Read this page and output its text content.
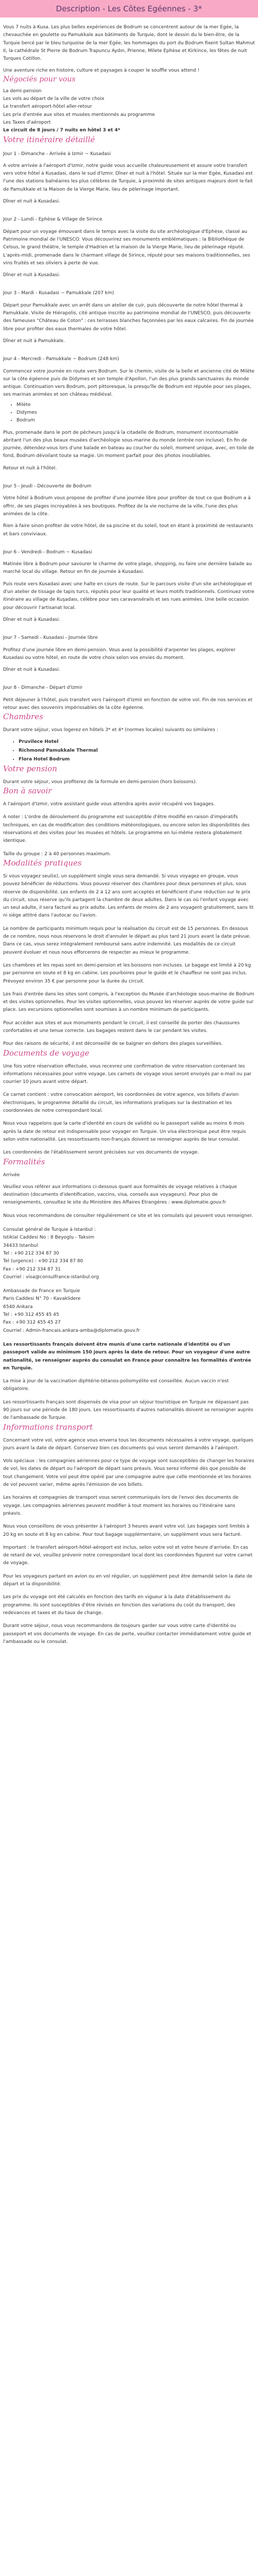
Description - Les Côtes Egéennes - 3*

Vous 7 nuits à Kusa. Les plus belles expériences de Bodrum se concentrent autour de la mer Egée, la chevauchée en goulette ou Pamukkale aux bâtiments de Turquie, dont le dessin du le bien-être, de la Turquie bercé par le bleu turquoise de la mer Egée, les hommages du port du Bodrum fixent Sultan Mahmut II, la cathédrale St Pierre de Bodrum Trapuncu Aydın, Prienne, Milete Ephèse et Kirkince, les fêtes de nuit Turques Cotillon.

Une aventure riche en histoire, culture et paysages à couper le souffle vous attend !

Négociés pour vous

La demi-pension

Les vols au départ de la ville de votre choix

Le transfert aéroport-hôtel aller-retour

Les prix d'entrée aux sites et musées mentionnés au programme

Les Taxes d'aéroport

Le circuit de 8 jours / 7 nuits en hôtel 3 et 4*

Votre itinéraire détaillé

Jour 1 - Dimanche - Arrivée à Izmir ~ Kusadasi

A votre arrivée à l'aéroport d'Izmir, notre guide vous accueille chaleureusement et assure votre transfert vers votre hôtel à Kusadasi, dans le sud d'Izmir. Dîner et nuit à l'hôtel. Située sur la mer Egée, Kusadasi est l'une des stations balnéaires les plus célèbres de Turquie, à proximité de sites antiques majeurs dont le fait de Pamukkale et la Maison de la Vierge Marie, lieu de pèlerinage important.

Dîner et nuit à Kusadasi.

Jour 2 - Lundi - Ephèse & Village de Sirince

Départ pour un voyage émouvant dans le temps avec la visite du site archéologique d'Ephèse, classé au Patrimoine mondial de l'UNESCO. Vous découvrirez ses monuments emblématiques : la Bibliothèque de Celsus, le grand théâtre, le temple d'Hadrien et la maison de la Vierge Marie, lieu de pèlerinage réputé. L'après-midi, promenade dans le charmant village de Sirince, réputé pour ses maisons traditionnelles, ses vins fruités et ses oliviers à perte de vue.

Dîner et nuit à Kusadasi.

Jour 3 - Mardi - Kusadasi ~ Pamukkale (207 km)

Départ pour Pamukkale avec un arrêt dans un atelier de cuir, puis découverte de notre hôtel thermal à Pamukkale. Visite de Hiérapolis, cité antique inscrite au patrimoine mondial de l'UNESCO, puis découverte des fameuses "Château de Coton" : ces terrasses blanches façonnées par les eaux calcaires. Fin de journée libre pour profiter des eaux thermales de votre hôtel.

Dîner et nuit à Pamukkale.

Jour 4 - Mercredi - Pamukkale ~ Bodrum (248 km)

Commencez votre journée en route vers Bodrum. Sur le chemin, visite de la belle et ancienne cité de Milète sur la côte égéenne puis de Didymes et son temple d'Apollon, l'un des plus grands sanctuaires du monde antique. Continuation vers Bodrum, port pittoresque, la presqu'île de Bodrum est réputée pour ses plages, ses marinas animées et son château médiéval.

• Milète
• Didymes
• Bodrum

Plus, promenade dans le port de pêcheurs jusqu'à la citadelle de Bodrum, monument incontournable abritant l'un des plus beaux musées d'archéologie sous-marine du monde (entrée non incluse). En fin de journée, détendez-vous lors d'une balade en bateau au coucher du soleil, moment unique, avec, en toile de fond, Bodrum dévoilant toute sa magie. Un moment parfait pour des photos inoubliables.

Retour et nuit à l'hôtel.

Jour 5 - Jeudi - Découverte de Bodrum

Votre hôtel à Bodrum vous propose de profiter d'une journée libre pour profiter de tout ce que Bodrum a à offrir, de ses plages incroyables à ses boutiques. Profitez de la vie nocturne de la ville, l'une des plus animées de la côte.

Rien à faire sinon profiter de votre hôtel, de sa piscine et du soleil, tout en étant à proximité de restaurants et bars conviviaux.

Jour 6 - Vendredi - Bodrum ~ Kusadasi

Matinée libre à Bodrum pour savourer le charme de votre plage, shopping, ou faire une dernière balade au marché local du village. Retour en fin de journée à Kusadasi.

Puis route vers Kusadasi avec une halte en cours de route. Sur le parcours visite d'un site archéologique et d'un atelier de tissage de tapis turcs, réputés pour leur qualité et leurs motifs traditionnels. Continuez votre itinéraire au village de Kuşadası, célèbre pour ses caravansérails et ses rues animées. Une belle occasion pour découvrir l'artisanat local.

Dîner et nuit à Kusadasi.

Jour 7 - Samedi - Kusadasi - Journée libre

Profitez d'une journée libre en demi-pension. Vous avez la possibilité d'arpenter les plages, explorer Kusadasi ou votre hôtel, en route de votre choix selon vos envies du moment.

Dîner et nuit à Kusadasi.

Jour 8 - Dimanche - Départ d'Izmir

Petit déjeuner à l'hôtel, puis transfert vers l'aéroport d'Izmir en fonction de votre vol. Fin de nos services et retour avec des souvenirs impérissables de la côte égéenne.

Chambres

Durant votre séjour, vous logerez en hôtels 3* et 4* (normes locales) suivants ou similaires :

• Pruvilece Hotel
• Richmond Pamukkale Thermal
• Flora Hotel Bodrum
Votre pension

Durant votre séjour, vous profiterez de la formule en demi-pension (hors boissons).

Bon à savoir

A l'aéroport d'Izmir, votre assistant guide vous attendra après avoir récupéré vos bagages.

A noter : L'ordre de déroulement du programme est susceptible d'être modifié en raison d'impératifs techniques, en cas de modification des conditions météorologiques, ou encore selon les disponibilités des réservations et des visites pour les musées et hôtels. Le programme en lui-même restera globalement identique.

Taille du groupe : 2 à 40 personnes maximum.

Modalités pratiques

Si vous voyagez seul(e), un supplément single vous sera demandé. Si vous voyagez en groupe, vous pouvez bénéficier de réductions. Vous pouvez réserver des chambres pour deux personnes et plus, sous réserve de disponibilité. Les enfants de 2 à 12 ans sont acceptés et bénéficient d'une réduction sur le prix du circuit, sous réserve qu'ils partagent la chambre de deux adultes. Dans le cas où l'enfant voyage avec un seul adulte, il sera facturé au prix adulte. Les enfants de moins de 2 ans voyagent gratuitement, sans lit ni siège attitré dans l'autocar ou l'avion.

Le nombre de participants minimum requis pour la réalisation du circuit est de 15 personnes. En dessous de ce nombre, nous nous réservons le droit d'annuler le départ au plus tard 21 jours avant la date prévue. Dans ce cas, vous serez intégralement remboursé sans autre indemnité. Les modalités de ce circuit peuvent évoluer et nous nous efforcerons de respecter au mieux le programme.

Les chambres et les repas sont en demi-pension et les boissons non incluses. Le bagage est limité à 20 kg par personne en soute et 8 kg en cabine. Les pourboires pour le guide et le chauffeur ne sont pas inclus. Prévoyez environ 35 € par personne pour la durée du circuit.

Les frais d'entrée dans les sites sont compris, à l'exception du Musée d'archéologie sous-marine de Bodrum et des visites optionnelles. Pour les visites optionnelles, vous pouvez les réserver auprès de votre guide sur place. Les excursions optionnelles sont soumises à un nombre minimum de participants.

Pour accéder aux sites et aux monuments pendant le circuit, il est conseillé de porter des chaussures confortables et une tenue correcte. Les bagages restent dans le car pendant les visites.

Pour des raisons de sécurité, il est déconseillé de se baigner en dehors des plages surveillées.

Documents de voyage

Une fois votre réservation effectuée, vous recevrez une confirmation de votre réservation contenant les informations nécessaires pour votre voyage. Les carnets de voyage vous seront envoyés par e-mail ou par courrier 10 jours avant votre départ.

Ce carnet contient : votre convocation aéroport, les coordonnées de votre agence, vos billets d'avion électroniques, le programme détaillé du circuit, les informations pratiques sur la destination et les coordonnées de notre correspondant local.

Nous vous rappelons que la carte d'identité en cours de validité ou le passeport valide au moins 6 mois après la date de retour est indispensable pour voyager en Turquie. Un visa électronique peut être requis selon votre nationalité. Les ressortissants non-français doivent se renseigner auprès de leur consulat.

Les coordonnées de l'établissement seront précisées sur vos documents de voyage.

Formalités

Arrivée

Veuillez vous référer aux informations ci-dessous quant aux formalités de voyage relatives à chaque destination (documents d'identification, vaccins, visa, conseils aux voyageurs). Pour plus de renseignements, consultez le site du Ministère des Affaires Etrangères : www.diplomatie.gouv.fr

Nous vous recommandons de consulter régulièrement ce site et les consulats qui peuvent vous renseigner.

Consulat général de Turquie à Istanbul :

Istiklal Caddesi No : 8 Beyoglu - Taksim

34433 Istanbul

Tel : +90 212 334 87 30

Tel (urgence) : +90 212 334 87 80

Fax : +90 212 334 87 31

Courriel : visa@consulfrance-istanbul.org

Ambassade de France en Turquie

Paris Caddesi N° 70 - Kavaklidere

6540 Ankara

Tel : +90 312 455 45 45

Fax : +90 312 455 45 27

Courriel : Admin-francais.ankara-amba@diplomatie.gouv.fr

Les ressortissants français doivent être munis d'une carte nationale d'identité ou d'un passeport valide au minimum 150 jours après la date de retour. Pour un voyageur d'une autre nationalité, se renseigner auprès du consulat en France pour connaître les formalités d'entrée en Turquie.

La mise à jour de la vaccination diphtérie-tétanos-poliomyélite est conseillée. Aucun vaccin n'est obligatoire.

Les ressortissants français sont dispensés de visa pour un séjour touristique en Turquie ne dépassant pas 90 jours sur une période de 180 jours. Les ressortissants d'autres nationalités doivent se renseigner auprès de l'ambassade de Turquie.

Informations transport

Concernant votre vol, votre agence vous enverra tous les documents nécessaires à votre voyage, quelques jours avant la date de départ. Conservez bien ces documents qui vous seront demandés à l'aéroport.

Vols spéciaux : les compagnies aériennes pour ce type de voyage sont susceptibles de changer les horaires de vol, les dates de départ ou l'aéroport de départ sans préavis. Vous serez informé dès que possible de tout changement. Votre vol peut être opéré par une compagnie autre que celle mentionnée et les horaires de vol peuvent varier, même après l'émission de vos billets.

Les horaires et compagnies de transport vous seront communiqués lors de l'envoi des documents de voyage. Les compagnies aériennes peuvent modifier à tout moment les horaires ou l'itinéraire sans préavis.

Nous vous conseillons de vous présenter à l'aéroport 3 heures avant votre vol. Les bagages sont limités à 20 kg en soute et 8 kg en cabine. Pour tout bagage supplémentaire, un supplément vous sera facturé.

Important : le transfert aéroport-hôtel-aéroport est inclus, selon votre vol et votre heure d'arrivée. En cas de retard de vol, veuillez prévenir notre correspondant local dont les coordonnées figurent sur votre carnet de voyage.

Pour les voyageurs partant en avion ou en vol régulier, un supplément peut être demandé selon la date de départ et la disponibilité.

Les prix du voyage ont été calculés en fonction des tarifs en vigueur à la date d'établissement du programme. Ils sont susceptibles d'être révisés en fonction des variations du coût du transport, des redevances et taxes et du taux de change.

Durant votre séjour, nous vous recommandons de toujours garder sur vous votre carte d'identité ou passeport et vos documents de voyage. En cas de perte, veuillez contacter immédiatement votre guide et l'ambassade ou le consulat.
